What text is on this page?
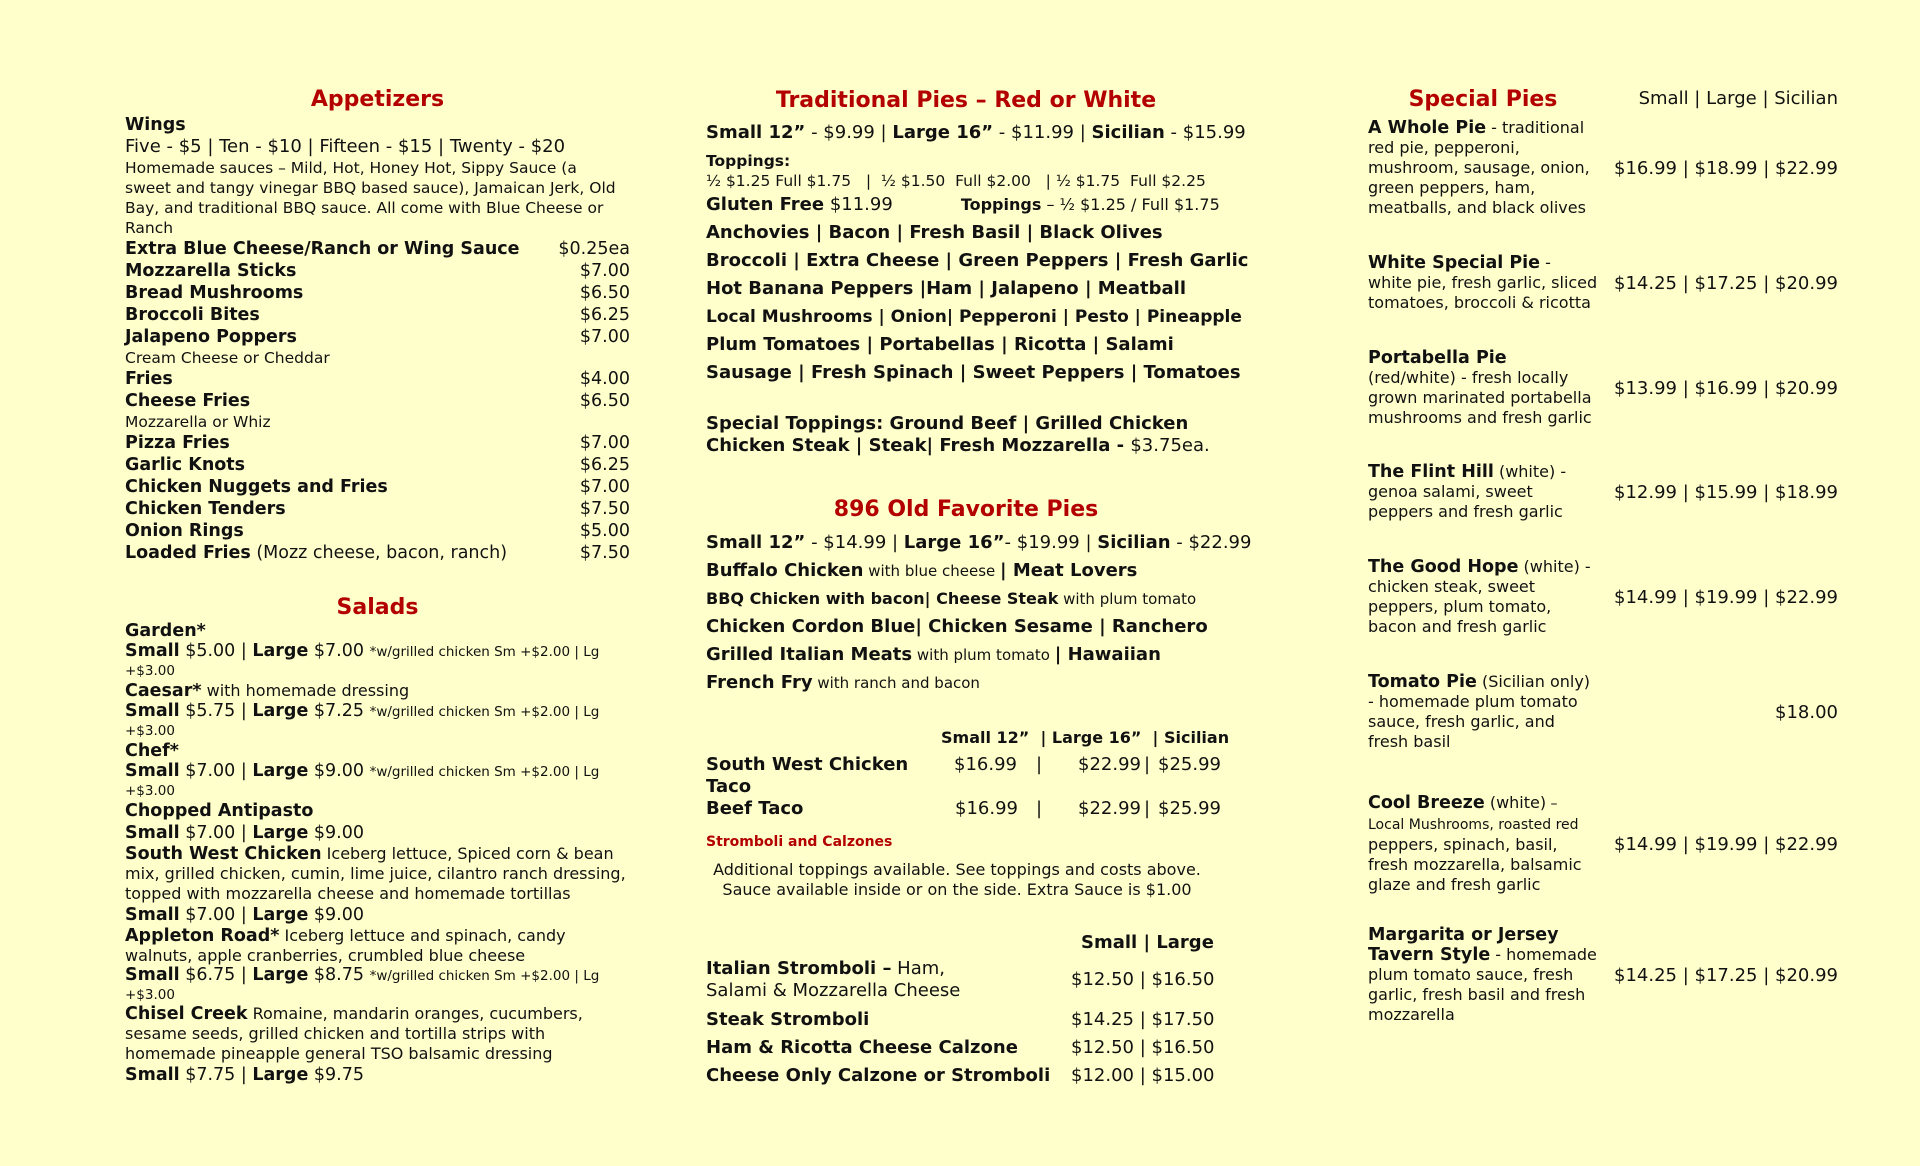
Appetizers
Wings
Five - $5 | Ten - $10 | Fifteen - $15 | Twenty - $20
Homemade sauces – Mild, Hot, Honey Hot, Sippy Sauce (a sweet and tangy vinegar BBQ based sauce), Jamaican Jerk, Old Bay, and traditional BBQ sauce. All come with Blue Cheese or Ranch
Extra Blue Cheese/Ranch or Wing Sauce $0.25ea
Mozzarella Sticks	$7.00
Bread Mushrooms	$6.50
Broccoli Bites	$6.25
Jalapeno Poppers	$7.00
Cream Cheese or Cheddar
Fries	$4.00
Cheese Fries	$6.50
Mozzarella or Whiz
Pizza Fries	$7.00
Garlic Knots	$6.25
Chicken Nuggets and Fries	$7.00
Chicken Tenders	$7.50
Onion Rings	$5.00
Loaded Fries (Mozz cheese, bacon, ranch)	$7.50
Salads
Garden*
Small $5.00 | Large $7.00 *w/grilled chicken Sm +$2.00 | Lg +$3.00
Caesar* with homemade dressing
Small $5.75 | Large $7.25 *w/grilled chicken Sm +$2.00 | Lg +$3.00
Chef*
Small $7.00 | Large $9.00 *w/grilled chicken Sm +$2.00 | Lg +$3.00
Chopped Antipasto
Small $7.00 | Large $9.00
South West Chicken Iceberg lettuce, Spiced corn & bean mix, grilled chicken, cumin, lime juice, cilantro ranch dressing, topped with mozzarella cheese and homemade tortillas
Small $7.00 | Large $9.00
Appleton Road* Iceberg lettuce and spinach, candy walnuts, apple cranberries, crumbled blue cheese
Small $6.75 | Large $8.75 *w/grilled chicken Sm +$2.00 | Lg +$3.00
Chisel Creek Romaine, mandarin oranges, cucumbers, sesame seeds, grilled chicken and tortilla strips with homemade pineapple general TSO balsamic dressing
Small $7.75 | Large $9.75
Traditional Pies – Red or White
Small 12” - $9.99 | Large 16” - $11.99 | Sicilian - $15.99
Toppings:
½ $1.25 Full $1.75   |  ½ $1.50  Full $2.00   | ½ $1.75  Full $2.25
Gluten Free $11.99	Toppings – ½ $1.25 / Full $1.75
Anchovies | Bacon | Fresh Basil | Black Olives
Broccoli | Extra Cheese | Green Peppers | Fresh Garlic
Hot Banana Peppers |Ham | Jalapeno | Meatball
Local Mushrooms | Onion| Pepperoni | Pesto | Pineapple
Plum Tomatoes | Portabellas | Ricotta | Salami
Sausage | Fresh Spinach | Sweet Peppers | Tomatoes
Special Toppings: Ground Beef | Grilled Chicken
Chicken Steak | Steak| Fresh Mozzarella - $3.75ea.
896 Old Favorite Pies
Small 12” - $14.99 | Large 16”- $19.99 | Sicilian - $22.99
Buffalo Chicken with blue cheese | Meat Lovers
BBQ Chicken with bacon| Cheese Steak with plum tomato
Chicken Cordon Blue| Chicken Sesame | Ranchero
Grilled Italian Meats with plum tomato | Hawaiian
French Fry with ranch and bacon
Small 12”  | Large 16”  | Sicilian
South West Chicken Taco
$16.99	|	$22.99 | $25.99
Beef Taco	$16.99	|	$22.99 | $25.99
Stromboli and Calzones
Additional toppings available. See toppings and costs above.
Sauce available inside or on the side. Extra Sauce is $1.00
Small | Large
Italian Stromboli – Ham, Salami & Mozzarella Cheese
$12.50 | $16.50
Steak Stromboli	$14.25 | $17.50
Ham & Ricotta Cheese Calzone	$12.50 | $16.50
Cheese Only Calzone or Stromboli $12.00 | $15.00
Special Pies	Small | Large | Sicilian
A Whole Pie - traditional red pie, pepperoni, mushroom, sausage, onion, green peppers, ham, meatballs, and black olives
$16.99 | $18.99 | $22.99
White Special Pie - white pie, fresh garlic, sliced tomatoes, broccoli & ricotta
$14.25 | $17.25 | $20.99
Portabella Pie (red/white) - fresh locally grown marinated portabella mushrooms and fresh garlic
$13.99 | $16.99 | $20.99
The Flint Hill (white) - genoa salami, sweet peppers and fresh garlic
$12.99 | $15.99 | $18.99
The Good Hope (white) - chicken steak, sweet peppers, plum tomato, bacon and fresh garlic
$14.99 | $19.99 | $22.99
Tomato Pie (Sicilian only) - homemade plum tomato sauce, fresh garlic, and fresh basil
$18.00
Cool Breeze (white) – Local Mushrooms, roasted red peppers, spinach, basil, fresh mozzarella, balsamic glaze and fresh garlic
$14.99 | $19.99 | $22.99
Margarita or Jersey Tavern Style - homemade plum tomato sauce, fresh garlic, fresh basil and fresh mozzarella
$14.25 | $17.25 | $20.99
